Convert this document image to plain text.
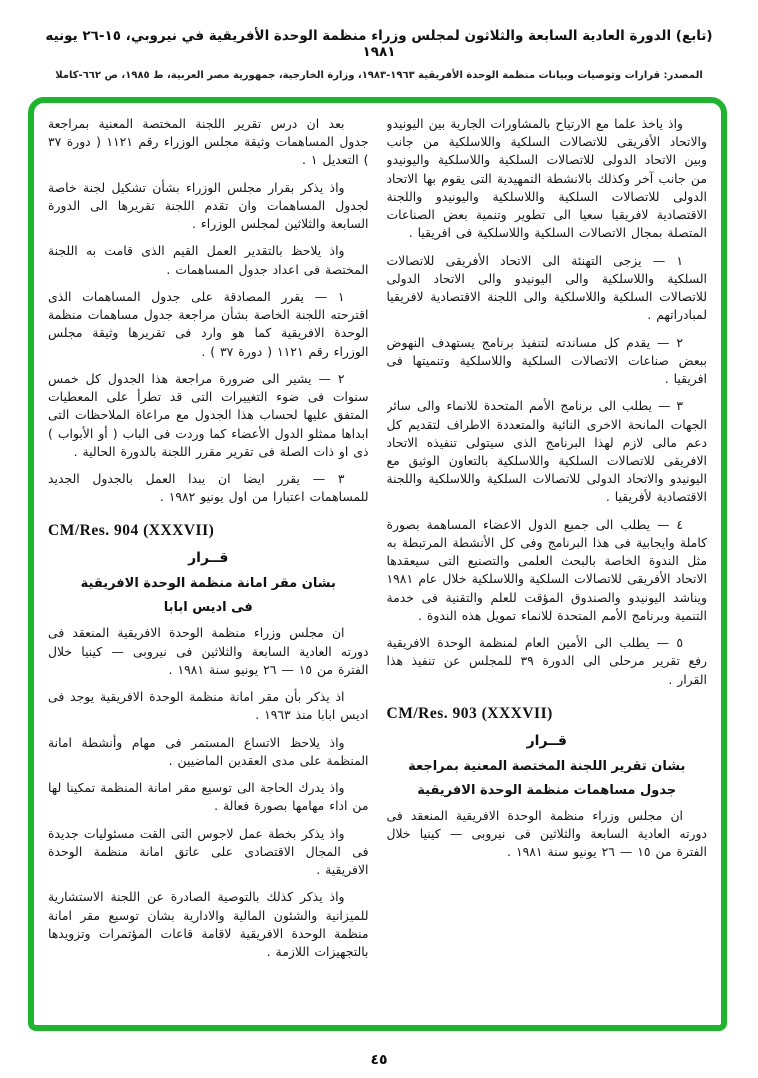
(تابع) الدورة العادية السابعة والثلاثون لمجلس وزراء منظمة الوحدة الأفريقية في نيروبي، ١٥-٢٦ يونيه ١٩٨١

المصدر: قرارات وتوصيات وبيانات منظمة الوحدة الأفريقية ١٩٦٣-١٩٨٣، وزارة الخارجية، جمهورية مصر العربية، ط ١٩٨٥، ص ٦٦٢-كاملا

واذ ياخذ علما مع الارتياح بالمشاورات الجارية بين اليونيدو والاتحاد الأفريقى للاتصالات السلكية واللاسلكية من جانب وبين الاتحاد الدولى للاتصالات السلكية واللاسلكية واليونيدو من جانب آخر وكذلك بالانشطة التمهيدية التى يقوم بها الاتحاد الدولى للاتصالات السلكية واللاسلكية واليونيدو واللجنة الاقتصادية لافريقيا سعيا الى تطوير وتنمية بعض الصناعات المتصلة بمجال الاتصالات السلكية واللاسلكية فى افريقيا .

١ — يزجى التهنئة الى الاتحاد الأفريقى للاتصالات السلكية واللاسلكية والى اليونيدو والى الاتحاد الدولى للاتصالات السلكية واللاسلكية والى اللجنة الاقتصادية لافريقيا لمبادراتهم .

٢ — يقدم كل مساندته لتنفيذ برنامج يستهدف النهوض ببعض صناعات الاتصالات السلكية واللاسلكية وتنميتها فى افريقيا .

٣ — يطلب الى برنامج الأمم المتحدة للانماء والى سائر الجهات المانحة الاخرى النائية والمتعددة الاطراف لتقديم كل دعم مالى لازم لهذا البرنامج الذى سيتولى تنفيذه الاتحاد الافريقى للاتصالات السلكية واللاسلكية بالتعاون الوثيق مع اليونيدو والاتحاد الدولى للاتصالات السلكية واللاسلكية واللجنة الاقتصادية لأفريقيا .

٤ — يطلب الى جميع الدول الاعضاء المساهمة بصورة كاملة وايجابية فى هذا البرنامج وفى كل الأنشطة المرتبطة به مثل الندوة الخاصة بالبحث العلمى والتصنيع التى سيعقدها الاتحاد الأفريقى للاتصالات السلكية واللاسلكية خلال عام ١٩٨١ ويناشد اليونيدو والصندوق المؤقت للعلم والتقنية فى خدمة التنمية وبرنامج الأمم المتحدة للانماء تمويل هذه الندوة .

٥ — يطلب الى الأمين العام لمنظمة الوحدة الافريقية رفع تقرير مرحلى الى الدورة ٣٩ للمجلس عن تنفيذ هذا القرار .

CM/Res. 903 (XXXVII)

قــرار

بشان تقرير اللجنة المختصة المعنية بمراجعة

جدول مساهمات منظمة الوحدة الافريقية

ان مجلس وزراء منظمة الوحدة الافريقية المنعقد فى دورته العادية السابعة والثلاثين فى نيروبى — كينيا خلال الفترة من ١٥ — ٢٦ يونيو سنة ١٩٨١ .

بعد ان درس تقرير اللجنة المختصة المعنية بمراجعة جدول المساهمات وثيقة مجلس الوزراء رقم ١١٢١ ( دورة ٣٧ ) التعديل ١ .

واذ يذكر بقرار مجلس الوزراء بشأن تشكيل لجنة خاصة لجدول المساهمات وان تقدم اللجنة تقريرها الى الدورة السابعة والثلاثين لمجلس الوزراء .

واذ يلاحظ بالتقدير العمل القيم الذى قامت به اللجنة المختصة فى اعداد جدول المساهمات .

١ — يقرر المصادقة على جدول المساهمات الذى اقترحته اللجنة الخاصة بشأن مراجعة جدول مساهمات منظمة الوحدة الافريقية كما هو وارد فى تقريرها وثيقة مجلس الوزراء رقم ١١٢١ ( دورة ٣٧ ) .

٢ — يشير الى ضرورة مراجعة هذا الجدول كل خمس سنوات فى ضوء التغييرات التى قد تطرأ على المعطيات المتفق عليها لحساب هذا الجدول مع مراعاة الملاحظات التى ابداها ممثلو الدول الأعضاء كما وردت فى الباب ( أو الأبواب ) ذى او ذات الصلة فى تقرير مقرر اللجنة بالدورة الحالية .

٣ — يقرر ايضا ان يبدا العمل بالجدول الجديد للمساهمات اعتبارا من اول يونيو ١٩٨٢ .

CM/Res. 904 (XXXVII)

قــرار

بشان مقر امانة منظمة الوحدة الافريقية

فى اديس ابابا

ان مجلس وزراء منظمة الوحدة الافريقية المنعقد فى دورته العادية السابعة والثلاثين فى نيروبى — كينيا خلال الفترة من ١٥ — ٢٦ يونيو سنة ١٩٨١ .

اذ يذكر بأن مقر امانة منظمة الوحدة الافريقية يوجد فى اديس ابابا منذ ١٩٦٣ .

واذ يلاحظ الاتساع المستمر فى مهام وأنشطة امانة المنظمة على مدى العقدين الماضيين .

واذ يدرك الحاجة الى توسيع مقر امانة المنظمة تمكينا لها من اداء مهامها بصورة فعالة .

واذ يذكر بخطة عمل لاجوس التى القت مسئوليات جديدة فى المجال الاقتصادى على عاتق امانة منظمة الوحدة الافريقية .

واذ يذكر كذلك بالتوصية الصادرة عن اللجنة الاستشارية للميزانية والشئون المالية والادارية بشان توسيع مقر امانة منظمة الوحدة الافريقية لاقامة قاعات المؤتمرات وتزويدها بالتجهيزات اللازمة .

٤٥
